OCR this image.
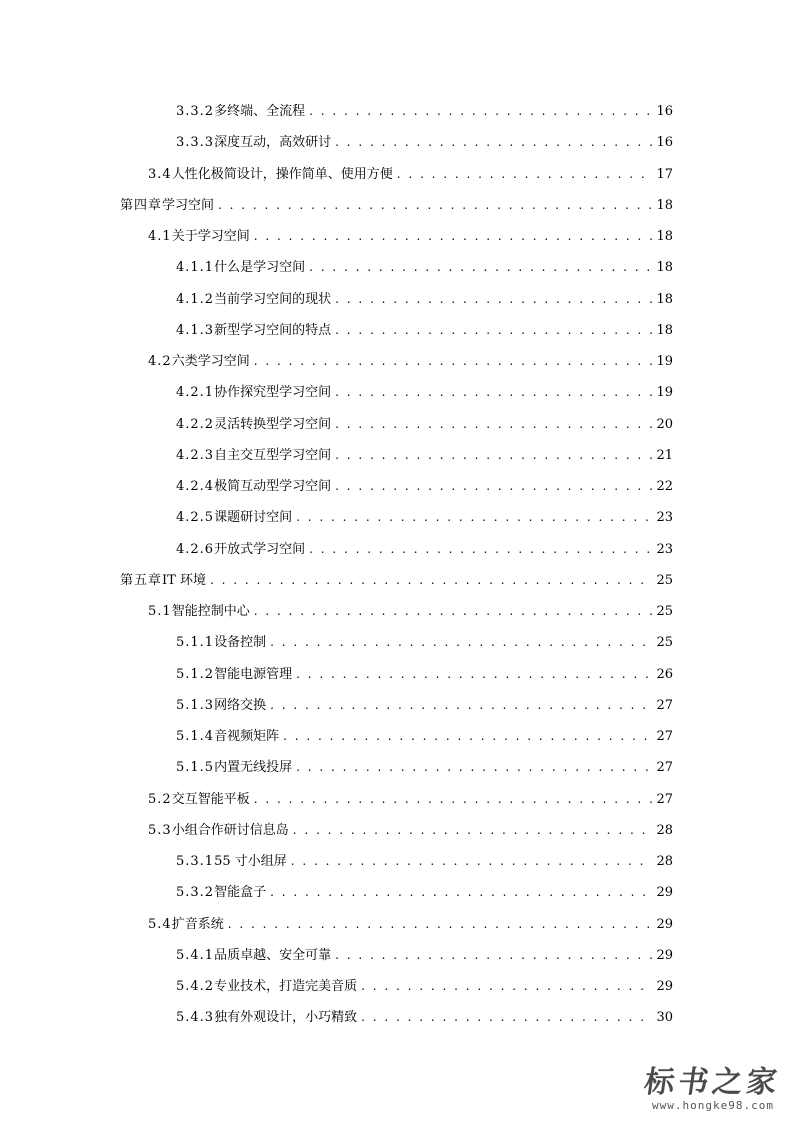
3.3.2 多终端、全流程 . . .	16
3.3.3 深度互动，高效研讨 . . .	16
3.4 人性化极简设计，操作简单、使用方便 . . .	17
第四章 学习空间 . . .	18
4.1 关于学习空间 . . .	18
4.1.1 什么是学习空间 . . .	18
4.1.2 当前学习空间的现状 . . .	18
4.1.3 新型学习空间的特点 . . .	18
4.2 六类学习空间 . . .	19
4.2.1 协作探究型学习空间 . . .	19
4.2.2 灵活转换型学习空间 . . .	20
4.2.3 自主交互型学习空间 . . .	21
4.2.4 极简互动型学习空间 . . .	22
4.2.5 课题研讨空间 . . .	23
4.2.6 开放式学习空间 . . .	23
第五章 IT 环境 . . .	25
5.1 智能控制中心 . . .	25
5.1.1 设备控制 . . .	25
5.1.2 智能电源管理 . . .	26
5.1.3 网络交换 . . .	27
5.1.4 音视频矩阵 . . .	27
5.1.5 内置无线投屏 . . .	27
5.2 交互智能平板 . . .	27
5.3 小组合作研讨信息岛 . . .	28
5.3.1 55 寸小组屏 . . .	28
5.3.2 智能盒子 . . .	29
5.4 扩音系统 . . .	29
5.4.1 品质卓越、安全可靠 . . .	29
5.4.2 专业技术，打造完美音质 . . .	29
5.4.3 独有外观设计，小巧精致 . . .	30
标书之家
www.hongke98.com
